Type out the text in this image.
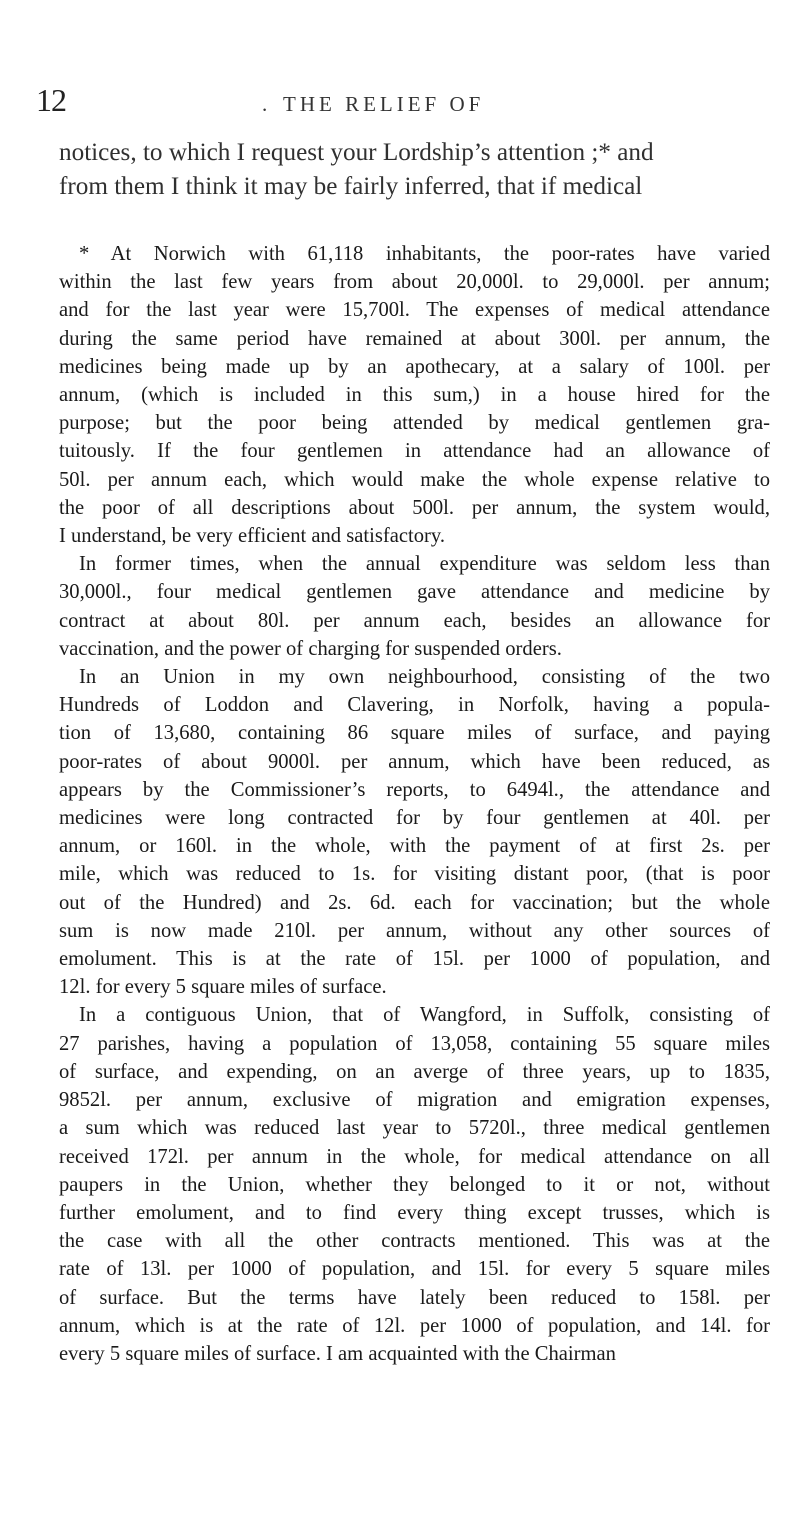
12	. THE RELIEF OF
notices, to which I request your Lordship’s attention ;* and
from them I think it may be fairly inferred, that if medical
* At Norwich with 61,118 inhabitants, the poor-rates have varied
within the last few years from about 20,000l. to 29,000l. per annum;
and for the last year were 15,700l. The expenses of medical attendance
during the same period have remained at about 300l. per annum, the
medicines being made up by an apothecary, at a salary of 100l. per
annum, (which is included in this sum,) in a house hired for the
purpose; but the poor being attended by medical gentlemen gra-
tuitously. If the four gentlemen in attendance had an allowance of
50l. per annum each, which would make the whole expense relative to
the poor of all descriptions about 500l. per annum, the system would,
I understand, be very efficient and satisfactory.
In former times, when the annual expenditure was seldom less than
30,000l., four medical gentlemen gave attendance and medicine by
contract at about 80l. per annum each, besides an allowance for
vaccination, and the power of charging for suspended orders.
In an Union in my own neighbourhood, consisting of the two
Hundreds of Loddon and Clavering, in Norfolk, having a popula-
tion of 13,680, containing 86 square miles of surface, and paying
poor-rates of about 9000l. per annum, which have been reduced, as
appears by the Commissioner’s reports, to 6494l., the attendance and
medicines were long contracted for by four gentlemen at 40l. per
annum, or 160l. in the whole, with the payment of at first 2s. per
mile, which was reduced to 1s. for visiting distant poor, (that is poor
out of the Hundred) and 2s. 6d. each for vaccination; but the whole
sum is now made 210l. per annum, without any other sources of
emolument. This is at the rate of 15l. per 1000 of population, and
12l. for every 5 square miles of surface.
In a contiguous Union, that of Wangford, in Suffolk, consisting of
27 parishes, having a population of 13,058, containing 55 square miles
of surface, and expending, on an averge of three years, up to 1835,
9852l. per annum, exclusive of migration and emigration expenses,
a sum which was reduced last year to 5720l., three medical gentlemen
received 172l. per annum in the whole, for medical attendance on all
paupers in the Union, whether they belonged to it or not, without
further emolument, and to find every thing except trusses, which is
the case with all the other contracts mentioned. This was at the
rate of 13l. per 1000 of population, and 15l. for every 5 square miles
of surface. But the terms have lately been reduced to 158l. per
annum, which is at the rate of 12l. per 1000 of population, and 14l. for
every 5 square miles of surface. I am acquainted with the Chairman
